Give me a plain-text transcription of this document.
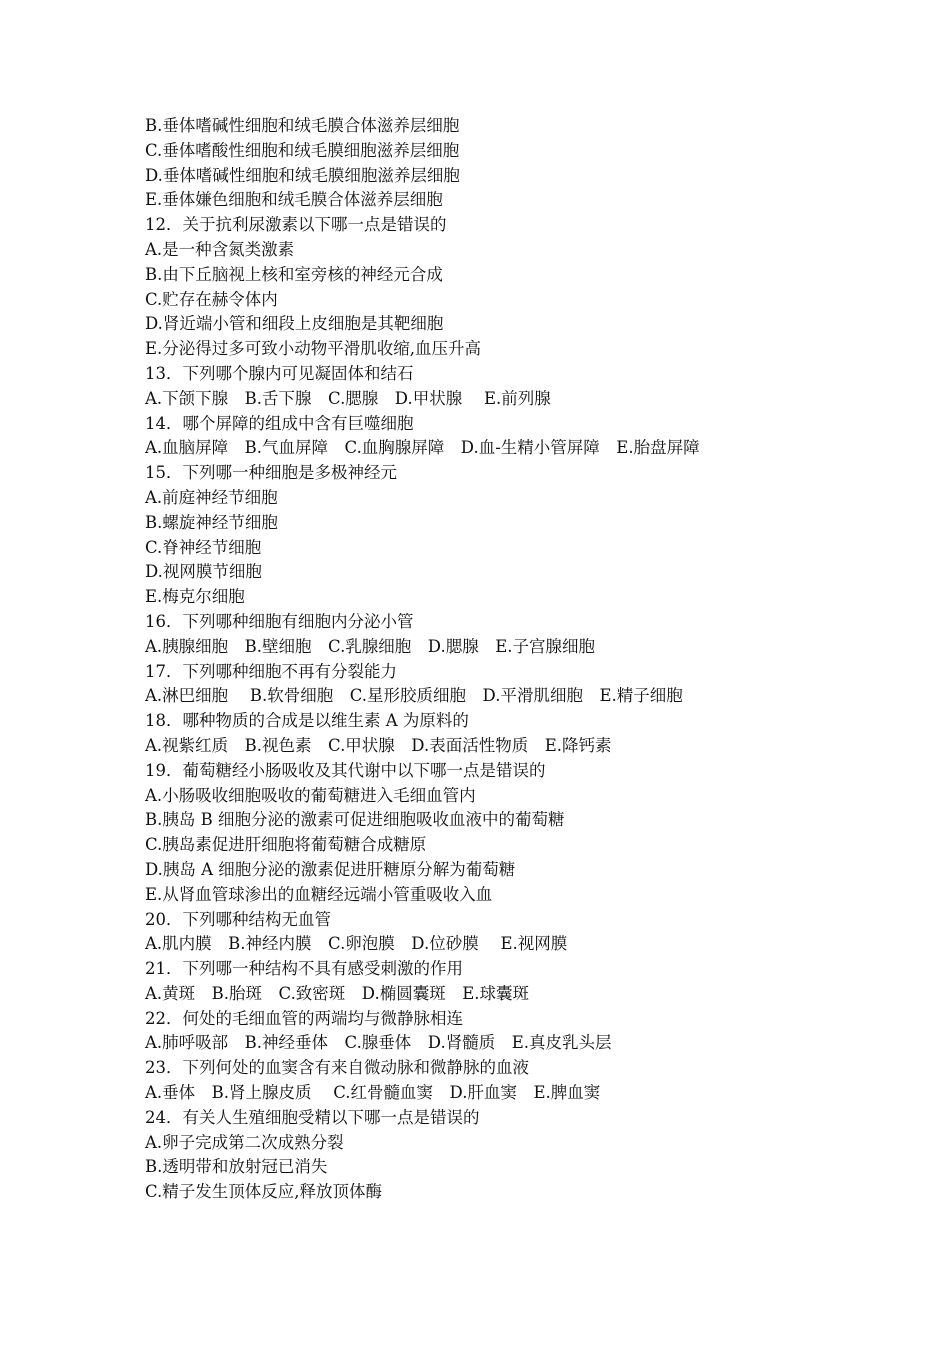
B.垂体嗜碱性细胞和绒毛膜合体滋养层细胞
C.垂体嗜酸性细胞和绒毛膜细胞滋养层细胞
D.垂体嗜碱性细胞和绒毛膜细胞滋养层细胞
E.垂体嫌色细胞和绒毛膜合体滋养层细胞
12．关于抗利尿激素以下哪一点是错误的
A.是一种含氮类激素
B.由下丘脑视上核和室旁核的神经元合成
C.贮存在赫令体内
D.肾近端小管和细段上皮细胞是其靶细胞
E.分泌得过多可致小动物平滑肌收缩,血压升高
13．下列哪个腺内可见凝固体和结石
A.下颌下腺　B.舌下腺　C.腮腺　D.甲状腺　 E.前列腺
14．哪个屏障的组成中含有巨噬细胞
A.血脑屏障　B.气血屏障　C.血胸腺屏障　D.血-生精小管屏障　E.胎盘屏障
15．下列哪一种细胞是多极神经元
A.前庭神经节细胞
B.螺旋神经节细胞
C.脊神经节细胞
D.视网膜节细胞
E.梅克尔细胞
16．下列哪种细胞有细胞内分泌小管
A.胰腺细胞　B.壁细胞　C.乳腺细胞　D.腮腺　E.子宫腺细胞
17．下列哪种细胞不再有分裂能力
A.淋巴细胞　 B.软骨细胞　C.星形胶质细胞　D.平滑肌细胞　E.精子细胞
18．哪种物质的合成是以维生素 A 为原料的
A.视紫红质　B.视色素　C.甲状腺　D.表面活性物质　E.降钙素
19．葡萄糖经小肠吸收及其代谢中以下哪一点是错误的
A.小肠吸收细胞吸收的葡萄糖进入毛细血管内
B.胰岛 B 细胞分泌的激素可促进细胞吸收血液中的葡萄糖
C.胰岛素促进肝细胞将葡萄糖合成糖原
D.胰岛 A 细胞分泌的激素促进肝糖原分解为葡萄糖
E.从肾血管球渗出的血糖经远端小管重吸收入血
20．下列哪种结构无血管
A.肌内膜　B.神经内膜　C.卵泡膜　D.位砂膜　 E.视网膜
21．下列哪一种结构不具有感受刺激的作用
A.黄斑　B.胎斑　C.致密斑　D.椭圆囊斑　E.球囊斑
22．何处的毛细血管的两端均与微静脉相连
A.肺呼吸部　B.神经垂体　C.腺垂体　D.肾髓质　E.真皮乳头层
23．下列何处的血窦含有来自微动脉和微静脉的血液
A.垂体　B.肾上腺皮质　 C.红骨髓血窦　D.肝血窦　E.脾血窦
24．有关人生殖细胞受精以下哪一点是错误的
A.卵子完成第二次成熟分裂
B.透明带和放射冠已消失
C.精子发生顶体反应,释放顶体酶
